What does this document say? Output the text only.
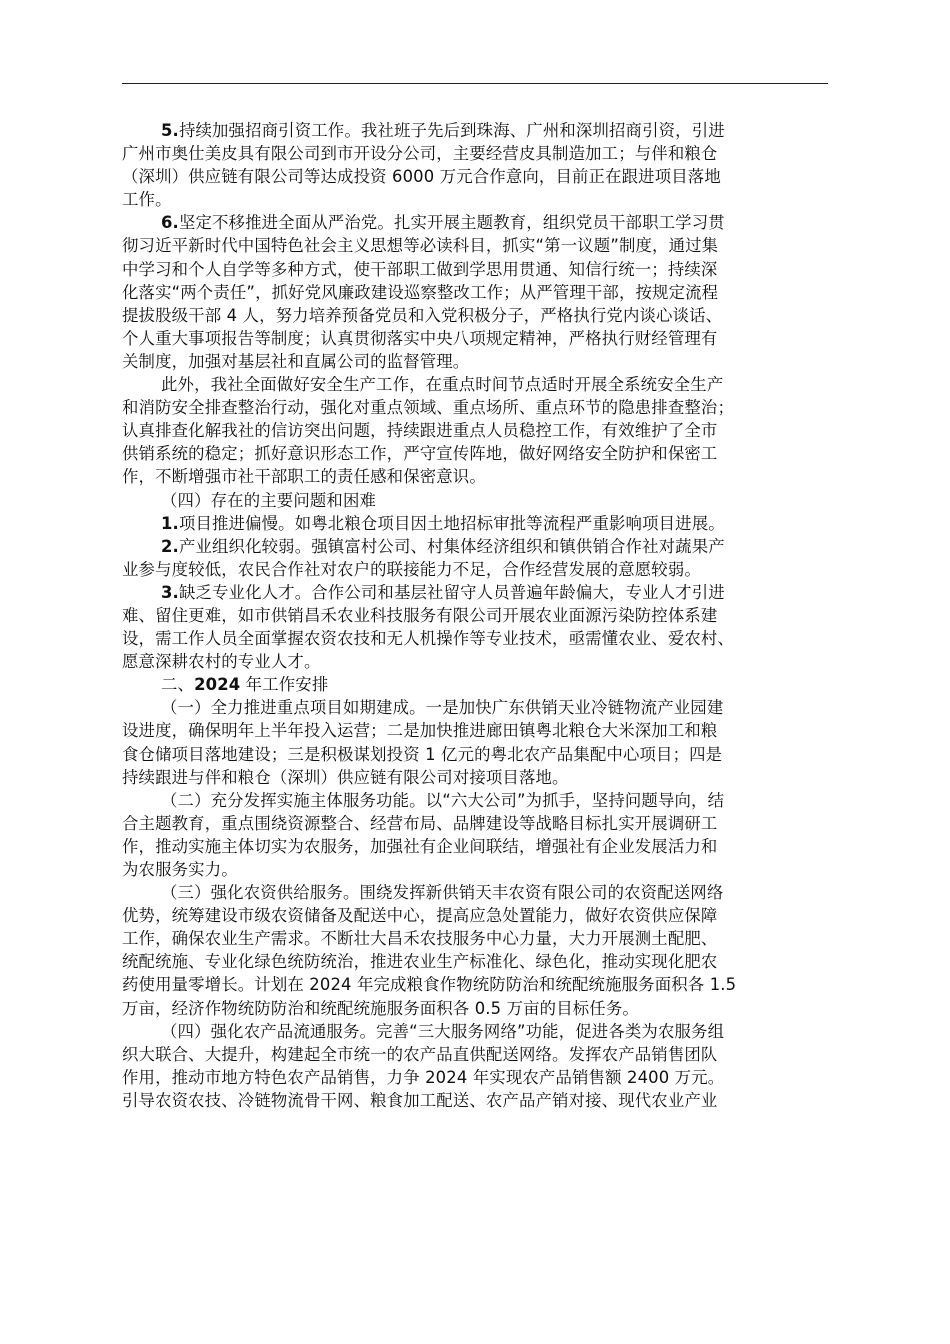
5.持续加强招商引资工作。我社班子先后到珠海、广州和深圳招商引资，引进
广州市奥仕美皮具有限公司到市开设分公司，主要经营皮具制造加工；与伴和粮仓
（深圳）供应链有限公司等达成投资 6000 万元合作意向，目前正在跟进项目落地
工作。

6.坚定不移推进全面从严治党。扎实开展主题教育，组织党员干部职工学习贯
彻习近平新时代中国特色社会主义思想等必读科目，抓实“第一议题”制度，通过集
中学习和个人自学等多种方式，使干部职工做到学思用贯通、知信行统一；持续深
化落实“两个责任”，抓好党风廉政建设巡察整改工作；从严管理干部，按规定流程
提拔股级干部 4 人，努力培养预备党员和入党积极分子，严格执行党内谈心谈话、
个人重大事项报告等制度；认真贯彻落实中央八项规定精神，严格执行财经管理有
关制度，加强对基层社和直属公司的监督管理。

此外，我社全面做好安全生产工作，在重点时间节点适时开展全系统安全生产
和消防安全排查整治行动，强化对重点领域、重点场所、重点环节的隐患排查整治；
认真排查化解我社的信访突出问题，持续跟进重点人员稳控工作，有效维护了全市
供销系统的稳定；抓好意识形态工作，严守宣传阵地，做好网络安全防护和保密工
作，不断增强市社干部职工的责任感和保密意识。

（四）存在的主要问题和困难

1.项目推进偏慢。如粤北粮仓项目因土地招标审批等流程严重影响项目进展。

2.产业组织化较弱。强镇富村公司、村集体经济组织和镇供销合作社对蔬果产
业参与度较低，农民合作社对农户的联接能力不足，合作经营发展的意愿较弱。

3.缺乏专业化人才。合作公司和基层社留守人员普遍年龄偏大，专业人才引进
难、留住更难，如市供销昌禾农业科技服务有限公司开展农业面源污染防控体系建
设，需工作人员全面掌握农资农技和无人机操作等专业技术，亟需懂农业、爱农村、
愿意深耕农村的专业人才。

二、2024 年工作安排

（一）全力推进重点项目如期建成。一是加快广东供销天业冷链物流产业园建
设进度，确保明年上半年投入运营；二是加快推进廊田镇粤北粮仓大米深加工和粮
食仓储项目落地建设；三是积极谋划投资 1 亿元的粤北农产品集配中心项目；四是
持续跟进与伴和粮仓（深圳）供应链有限公司对接项目落地。

（二）充分发挥实施主体服务功能。以“六大公司”为抓手，坚持问题导向，结
合主题教育，重点围绕资源整合、经营布局、品牌建设等战略目标扎实开展调研工
作，推动实施主体切实为农服务，加强社有企业间联结，增强社有企业发展活力和
为农服务实力。

（三）强化农资供给服务。围绕发挥新供销天丰农资有限公司的农资配送网络
优势，统筹建设市级农资储备及配送中心，提高应急处置能力，做好农资供应保障
工作，确保农业生产需求。不断壮大昌禾农技服务中心力量，大力开展测土配肥、
统配统施、专业化绿色统防统治，推进农业生产标准化、绿色化，推动实现化肥农
药使用量零增长。计划在 2024 年完成粮食作物统防防治和统配统施服务面积各 1.5
万亩，经济作物统防防治和统配统施服务面积各 0.5 万亩的目标任务。

（四）强化农产品流通服务。完善“三大服务网络”功能，促进各类为农服务组
织大联合、大提升，构建起全市统一的农产品直供配送网络。发挥农产品销售团队
作用，推动市地方特色农产品销售，力争 2024 年实现农产品销售额 2400 万元。
引导农资农技、冷链物流骨干网、粮食加工配送、农产品产销对接、现代农业产业
